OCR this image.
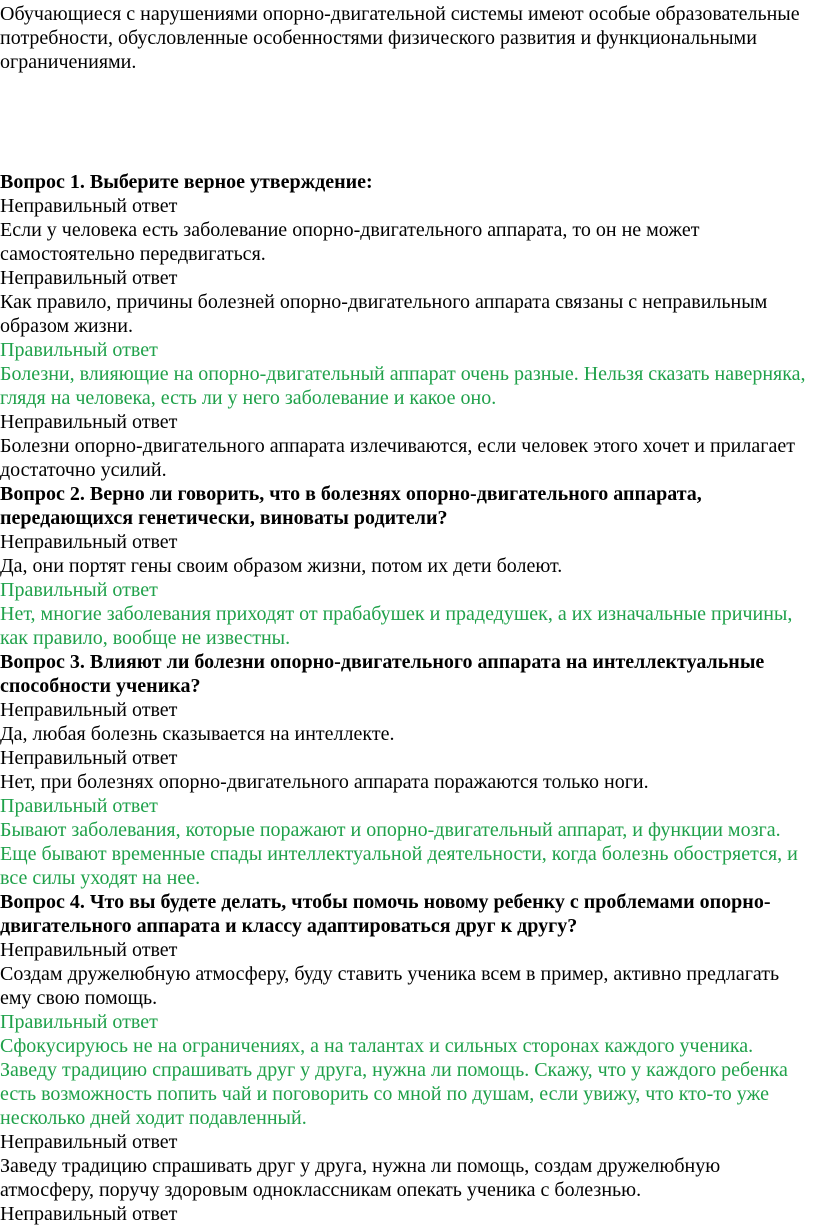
Обучающиеся с нарушениями опорно-двигательной системы имеют особые образовательные потребности, обусловленные особенностями физического развития и функциональными ограничениями.

Вопрос 1. Выберите верное утверждение:

Неправильный ответ

Если у человека есть заболевание опорно-двигательного аппарата, то он не может самостоятельно передвигаться.

Неправильный ответ

Как правило, причины болезней опорно-двигательного аппарата связаны с неправильным образом жизни.

Правильный ответ

Болезни, влияющие на опорно-двигательный аппарат очень разные. Нельзя сказать наверняка, глядя на человека, есть ли у него заболевание и какое оно.

Неправильный ответ

Болезни опорно-двигательного аппарата излечиваются, если человек этого хочет и прилагает достаточно усилий.

Вопрос 2. Верно ли говорить, что в болезнях опорно-двигательного аппарата, передающихся генетически, виноваты родители?

Неправильный ответ

Да, они портят гены своим образом жизни, потом их дети болеют.

Правильный ответ

Нет, многие заболевания приходят от прабабушек и прадедушек, а их изначальные причины, как правило, вообще не известны.

Вопрос 3. Влияют ли болезни опорно-двигательного аппарата на интеллектуальные способности ученика?

Неправильный ответ

Да, любая болезнь сказывается на интеллекте.

Неправильный ответ

Нет, при болезнях опорно-двигательного аппарата поражаются только ноги.

Правильный ответ

Бывают заболевания, которые поражают и опорно-двигательный аппарат, и функции мозга. Еще бывают временные спады интеллектуальной деятельности, когда болезнь обостряется, и все силы уходят на нее.

Вопрос 4. Что вы будете делать, чтобы помочь новому ребенку с проблемами опорно-двигательного аппарата и классу адаптироваться друг к другу?

Неправильный ответ

Создам дружелюбную атмосферу, буду ставить ученика всем в пример, активно предлагать ему свою помощь.

Правильный ответ

Сфокусируюсь не на ограничениях, а на талантах и сильных сторонах каждого ученика. Заведу традицию спрашивать друг у друга, нужна ли помощь. Скажу, что у каждого ребенка есть возможность попить чай и поговорить со мной по душам, если увижу, что кто-то уже несколько дней ходит подавленный.

Неправильный ответ

Заведу традицию спрашивать друг у друга, нужна ли помощь, создам дружелюбную атмосферу, поручу здоровым одноклассникам опекать ученика с болезнью.

Неправильный ответ
